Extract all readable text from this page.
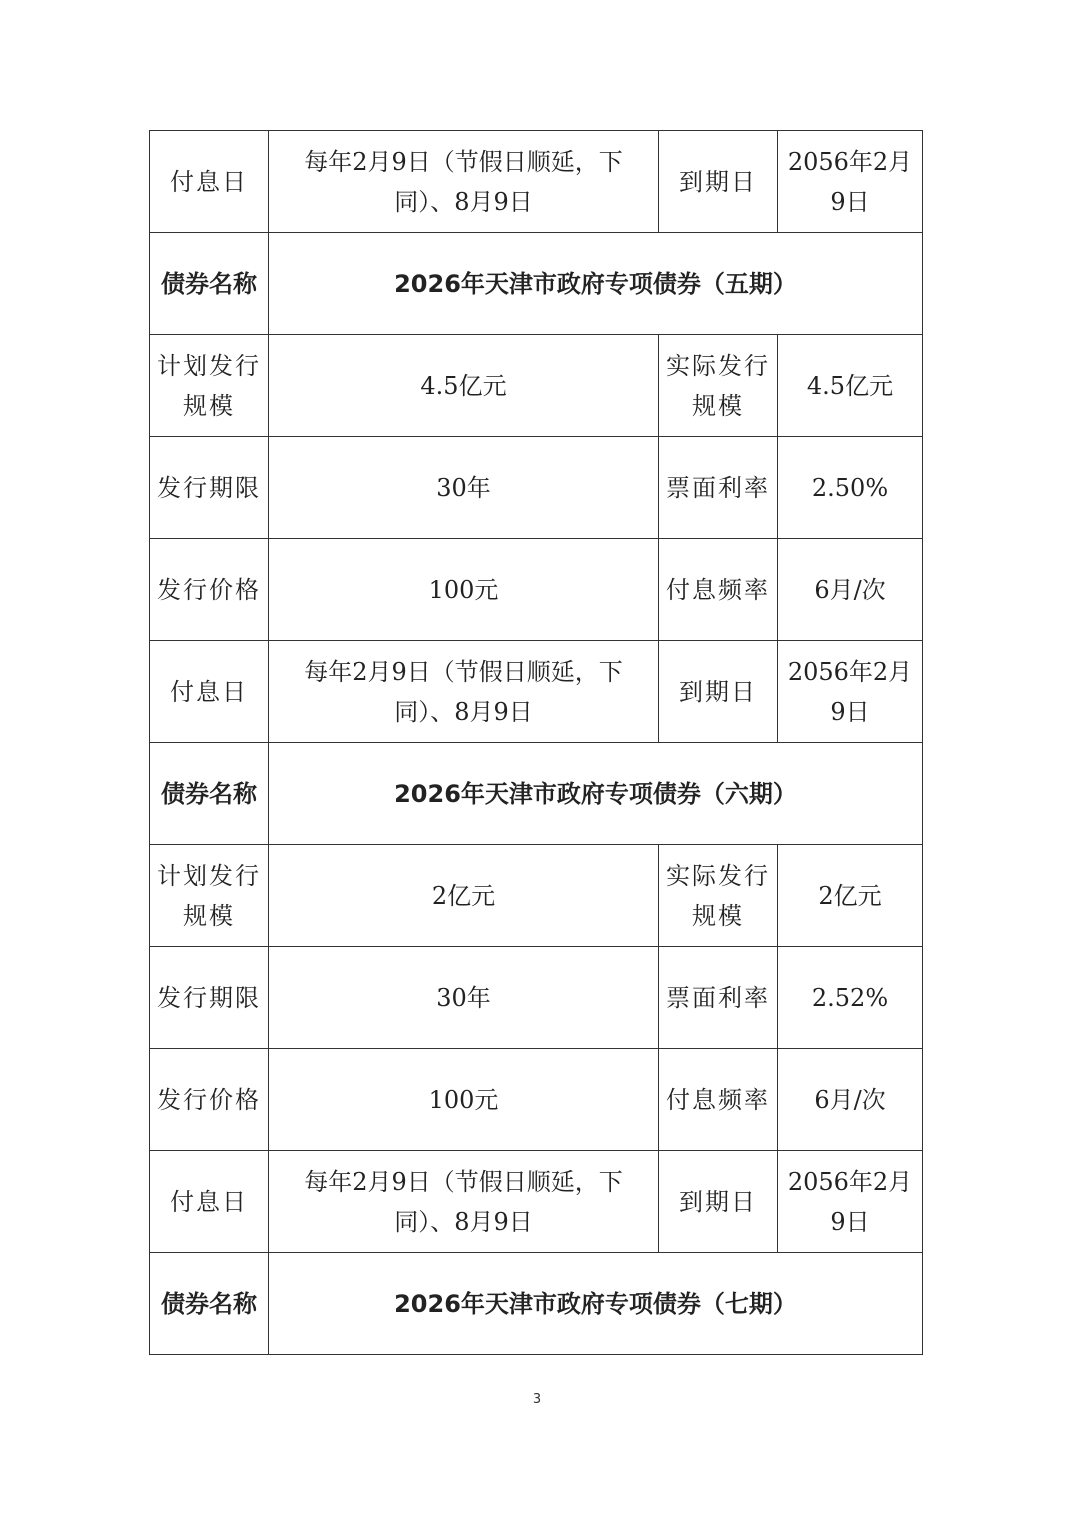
付息日	每年2月9日（节假日顺延，下同）、8月9日	到期日	2056年2月9日
债券名称	2026年天津市政府专项债券（五期）		
计划发行规模	4.5亿元	实际发行规模	4.5亿元
发行期限	30年	票面利率	2.50%
发行价格	100元	付息频率	6月/次
付息日	每年2月9日（节假日顺延，下同）、8月9日	到期日	2056年2月9日
债券名称	2026年天津市政府专项债券（六期）		
计划发行规模	2亿元	实际发行规模	2亿元
发行期限	30年	票面利率	2.52%
发行价格	100元	付息频率	6月/次
付息日	每年2月9日（节假日顺延，下同）、8月9日	到期日	2056年2月9日
债券名称	2026年天津市政府专项债券（七期）		
3
